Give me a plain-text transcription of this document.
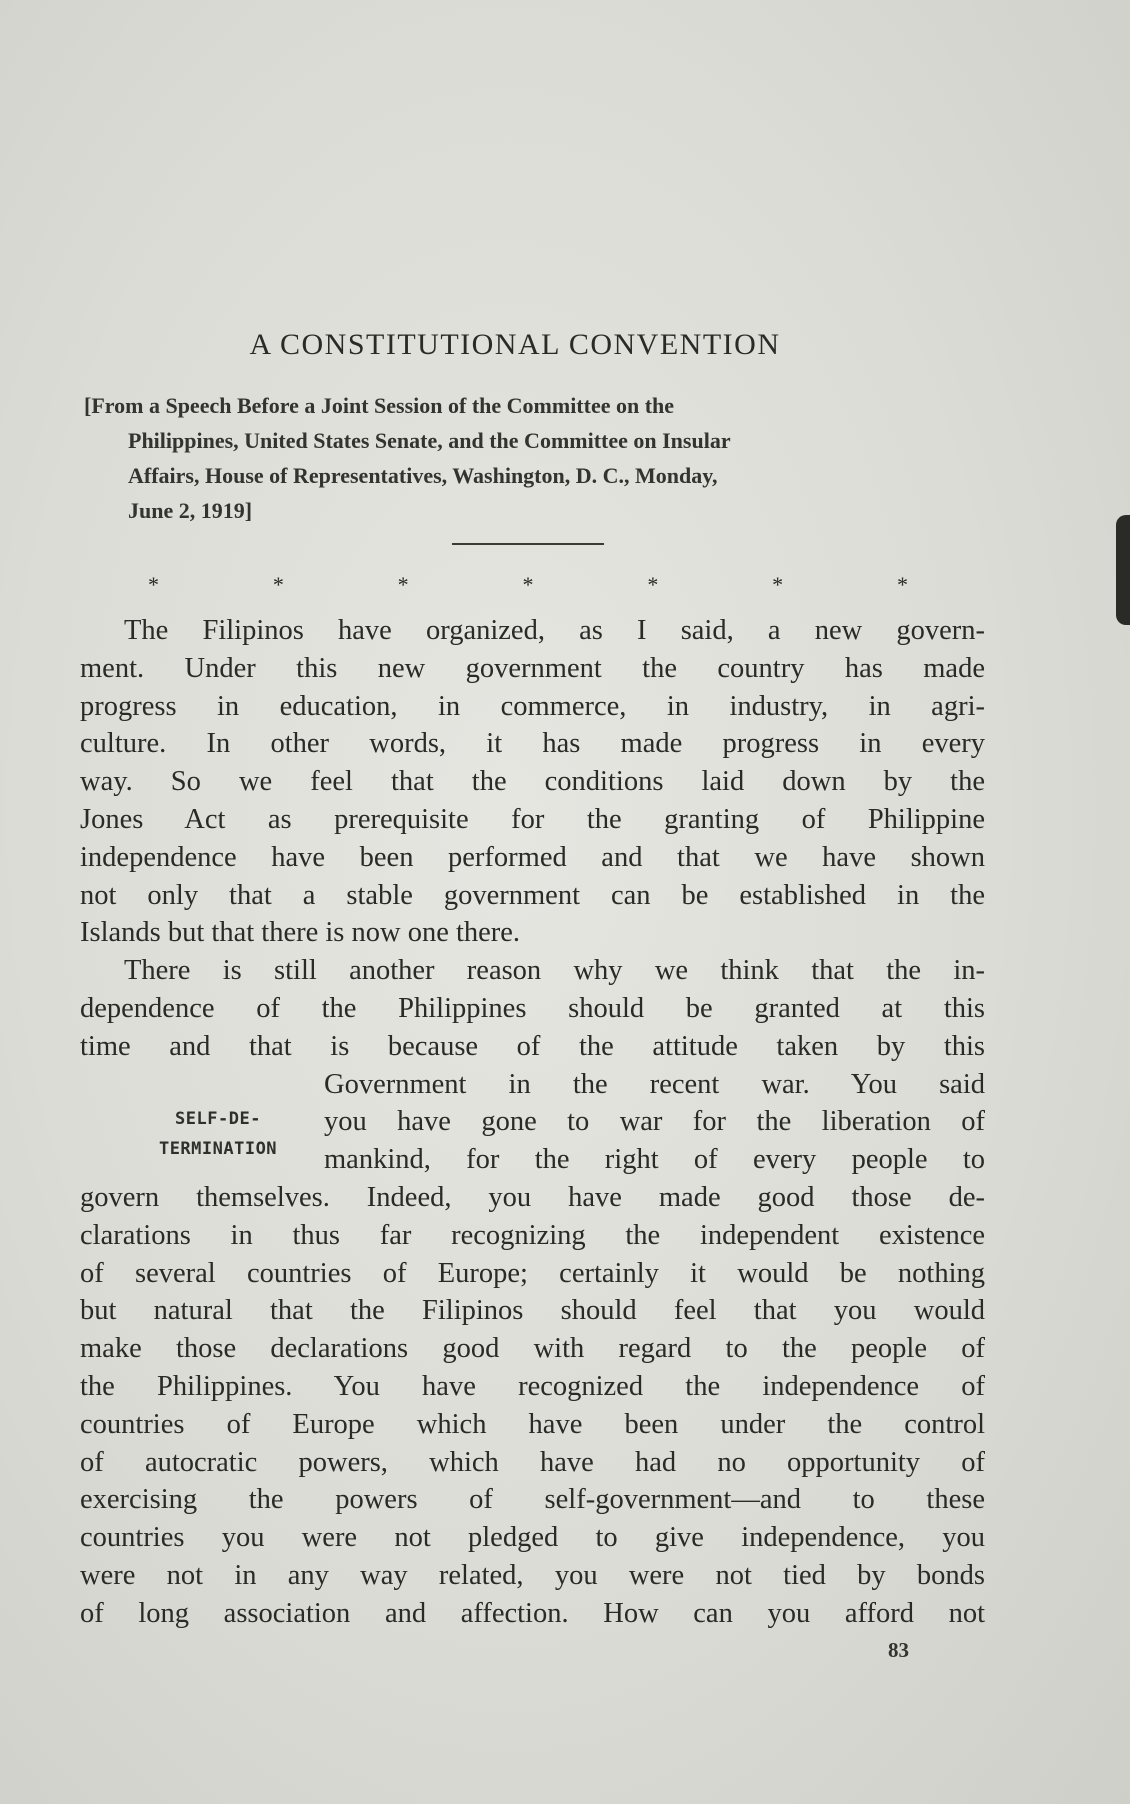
A CONSTITUTIONAL CONVENTION
[From a Speech Before a Joint Session of the Committee on the
Philippines, United States Senate, and the Committee on Insular
Affairs, House of Representatives, Washington, D. C., Monday,
June 2, 1919]
*	*	*	*	*	*	*
The Filipinos have organized, as I said, a new govern-
ment. Under this new government the country has made
progress in education, in commerce, in industry, in agri-
culture. In other words, it has made progress in every
way. So we feel that the conditions laid down by the
Jones Act as prerequisite for the granting of Philippine
independence have been performed and that we have shown
not only that a stable government can be established in the
Islands but that there is now one there.
There is still another reason why we think that the in-
dependence of the Philippines should be granted at this
time and that is because of the attitude taken by this
Government in the recent war. You said
you have gone to war for the liberation of
mankind, for the right of every people to
govern themselves. Indeed, you have made good those de-
clarations in thus far recognizing the independent existence
of several countries of Europe; certainly it would be nothing
but natural that the Filipinos should feel that you would
make those declarations good with regard to the people of
the Philippines. You have recognized the independence of
countries of Europe which have been under the control
of autocratic powers, which have had no opportunity of
exercising the powers of self-government—and to these
countries you were not pledged to give independence, you
were not in any way related, you were not tied by bonds
of long association and affection. How can you afford not
SELF-DE-
TERMINATION
83
